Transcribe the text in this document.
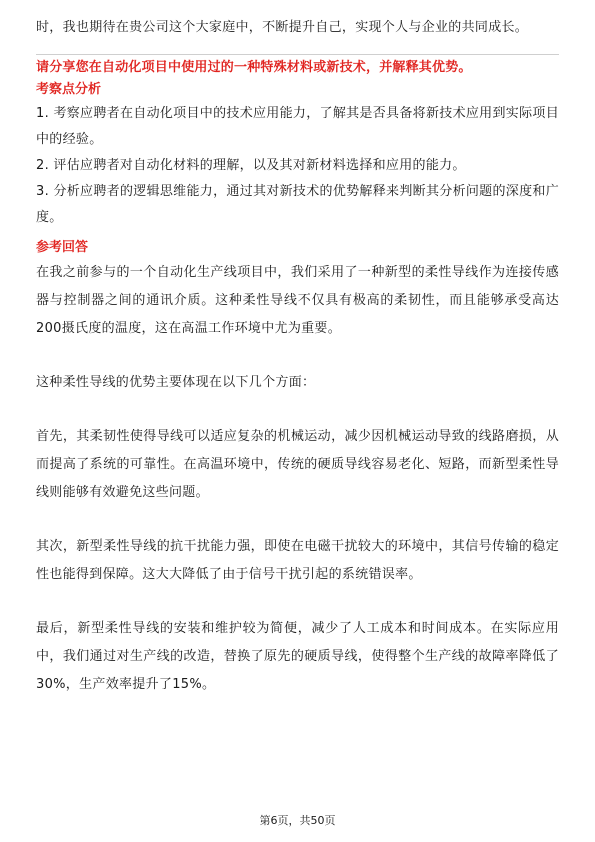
时，我也期待在贵公司这个大家庭中，不断提升自己，实现个人与企业的共同成长。

请分享您在自动化项目中使用过的一种特殊材料或新技术，并解释其优势。

考察点分析

1. 考察应聘者在自动化项目中的技术应用能力，了解其是否具备将新技术应用到实际项目中的经验。

2. 评估应聘者对自动化材料的理解，以及其对新材料选择和应用的能力。

3. 分析应聘者的逻辑思维能力，通过其对新技术的优势解释来判断其分析问题的深度和广度。

参考回答

在我之前参与的一个自动化生产线项目中，我们采用了一种新型的柔性导线作为连接传感器与控制器之间的通讯介质。这种柔性导线不仅具有极高的柔韧性，而且能够承受高达200摄氏度的温度，这在高温工作环境中尤为重要。

这种柔性导线的优势主要体现在以下几个方面：

首先，其柔韧性使得导线可以适应复杂的机械运动，减少因机械运动导致的线路磨损，从而提高了系统的可靠性。在高温环境中，传统的硬质导线容易老化、短路，而新型柔性导线则能够有效避免这些问题。

其次，新型柔性导线的抗干扰能力强，即使在电磁干扰较大的环境中，其信号传输的稳定性也能得到保障。这大大降低了由于信号干扰引起的系统错误率。

最后，新型柔性导线的安装和维护较为简便，减少了人工成本和时间成本。在实际应用中，我们通过对生产线的改造，替换了原先的硬质导线，使得整个生产线的故障率降低了30%，生产效率提升了15%。

第6页，共50页
